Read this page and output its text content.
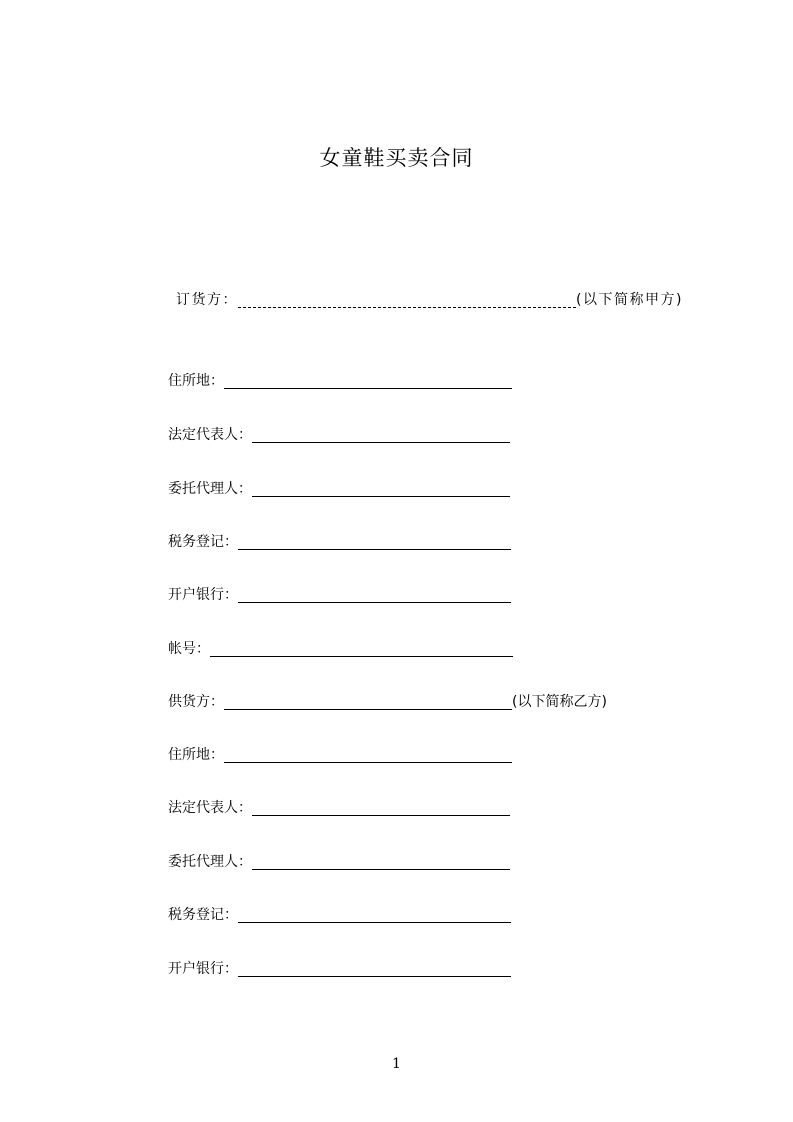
女童鞋买卖合同
订货方：	(以下简称甲方)
住所地：
法定代表人：
委托代理人：
税务登记：
开户银行：
帐号：
供货方：	(以下简称乙方)
住所地：
法定代表人：
委托代理人：
税务登记：
开户银行：
1
